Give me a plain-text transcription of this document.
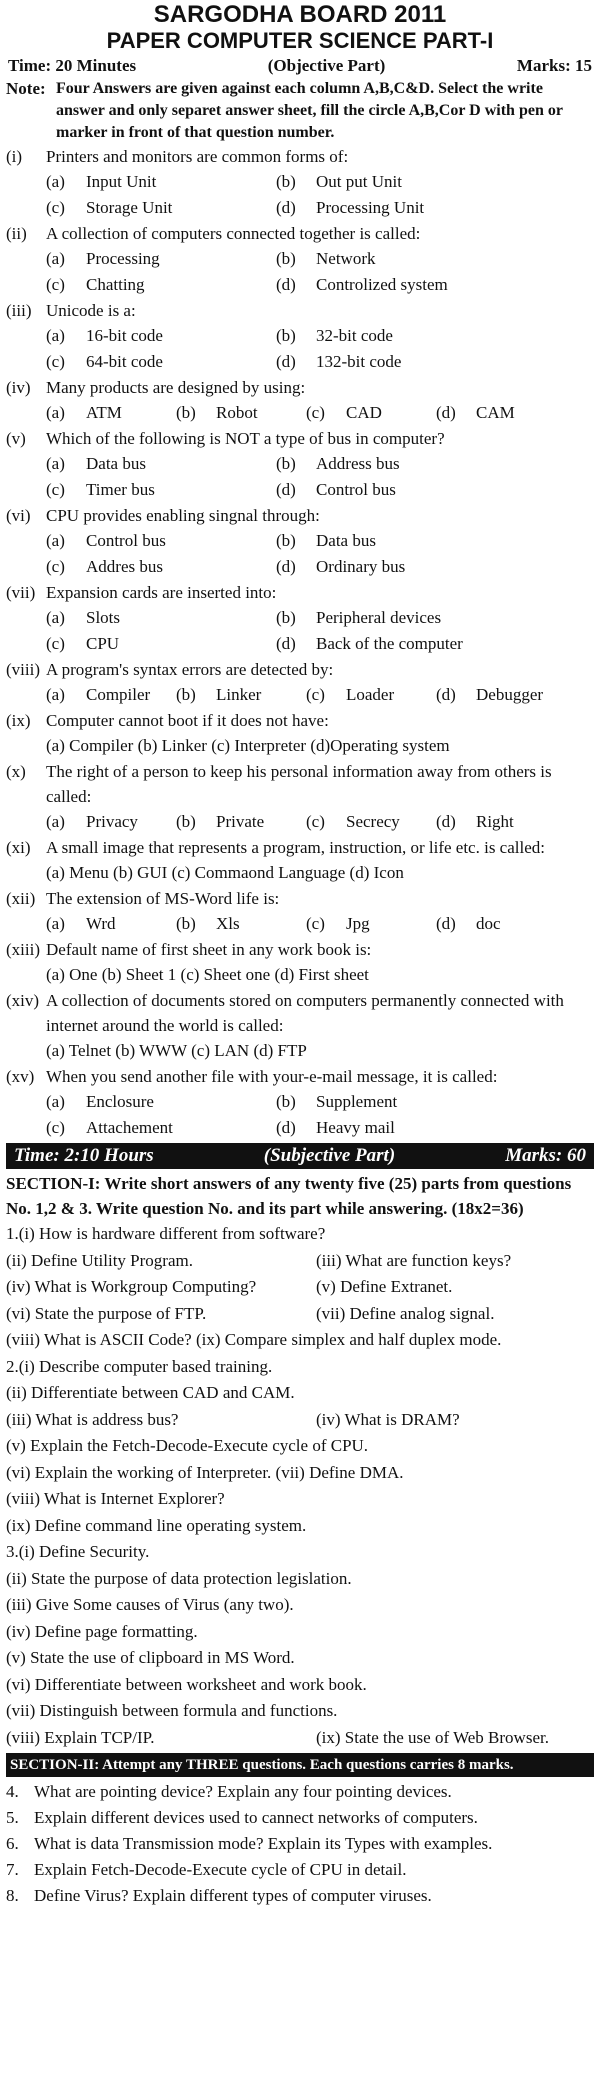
SARGODHA BOARD 2011
PAPER COMPUTER SCIENCE PART-I
Time: 20 Minutes	(Objective Part)	Marks: 15
Note: Four Answers are given against each column A,B,C&D. Select the write answer and only separet answer sheet, fill the circle A,B,Cor D with pen or marker in front of that question number.
(i)	Printers and monitors are common forms of:
(a)	Input Unit	(b)	Out put Unit
(c)	Storage Unit	(d)	Processing Unit
(ii)	A collection of computers connected together is called:
(a)	Processing	(b)	Network
(c)	Chatting	(d)	Controlized system
(iii) Unicode is a:
(a)	16-bit code	(b)	32-bit code
(c)	64-bit code	(d)	132-bit code
(iv) Many products are designed by using:
(a)	ATM	(b)	Robot	(c)	CAD	(d)	CAM
(v)	Which of the following is NOT a type of bus in computer?
(a)	Data bus	(b)	Address bus
(c)	Timer bus	(d)	Control bus
(vi) CPU provides enabling singnal through:
(a)	Control bus	(b)	Data bus
(c)	Addres bus	(d)	Ordinary bus
(vii) Expansion cards are inserted into:
(a)	Slots	(b)	Peripheral devices
(c)	CPU	(d)	Back of the computer
(viii) A program's syntax errors are detected by:
(a)	Compiler	(b)	Linker	(c)	Loader	(d)	Debugger
(ix) Computer cannot boot if it does not have:
(a) Compiler (b) Linker (c) Interpreter (d)Operating system
(x)	The right of a person to keep his personal information away from others is called:
(a)	Privacy	(b)	Private	(c)	Secrecy	(d)	Right
(xi) A small image that represents a program, instruction, or life etc. is called:
(a) Menu (b) GUI (c) Commaond Language (d) Icon
(xii) The extension of MS-Word life is:
(a)	Wrd	(b)	Xls	(c)	Jpg	(d)	doc
(xiii) Default name of first sheet in any work book is:
(a) One (b) Sheet 1 (c) Sheet one (d) First sheet
(xiv) A collection of documents stored on computers permanently connected with internet around the world is called:
(a) Telnet (b) WWW (c) LAN (d) FTP
(xv) When you send another file with your-e-mail message, it is called:
(a)	Enclosure	(b)	Supplement
(c)	Attachement	(d)	Heavy mail
Time: 2:10 Hours	(Subjective Part)	Marks: 60
SECTION-I: Write short answers of any twenty five (25) parts from questions No. 1,2 & 3. Write question No. and its part while answering. (18x2=36)
1.(i) How is hardware different from software?
(ii) Define Utility Program.	(iii) What are function keys?
(iv) What is Workgroup Computing?	(v) Define Extranet.
(vi) State the purpose of FTP.	(vii) Define analog signal.
(viii) What is ASCII Code? (ix) Compare simplex and half duplex mode.
2.(i) Describe computer based training.
(ii) Differentiate between CAD and CAM.
(iii) What is address bus?	(iv) What is DRAM?
(v) Explain the Fetch-Decode-Execute cycle of CPU.
(vi) Explain the working of Interpreter. (vii) Define DMA.
(viii) What is Internet Explorer?
(ix) Define command line operating system.
3.(i) Define Security.
(ii) State the purpose of data protection legislation.
(iii) Give Some causes of Virus (any two).
(iv) Define page formatting.
(v) State the use of clipboard in MS Word.
(vi) Differentiate between worksheet and work book.
(vii) Distinguish between formula and functions.
(viii) Explain TCP/IP.	(ix) State the use of Web Browser.
SECTION-II: Attempt any THREE questions. Each questions carries 8 marks.
4. What are pointing device? Explain any four pointing devices.
5. Explain different devices used to cannect networks of computers.
6. What is data Transmission mode? Explain its Types with examples.
7. Explain Fetch-Decode-Execute cycle of CPU in detail.
8. Define Virus? Explain different types of computer viruses.
